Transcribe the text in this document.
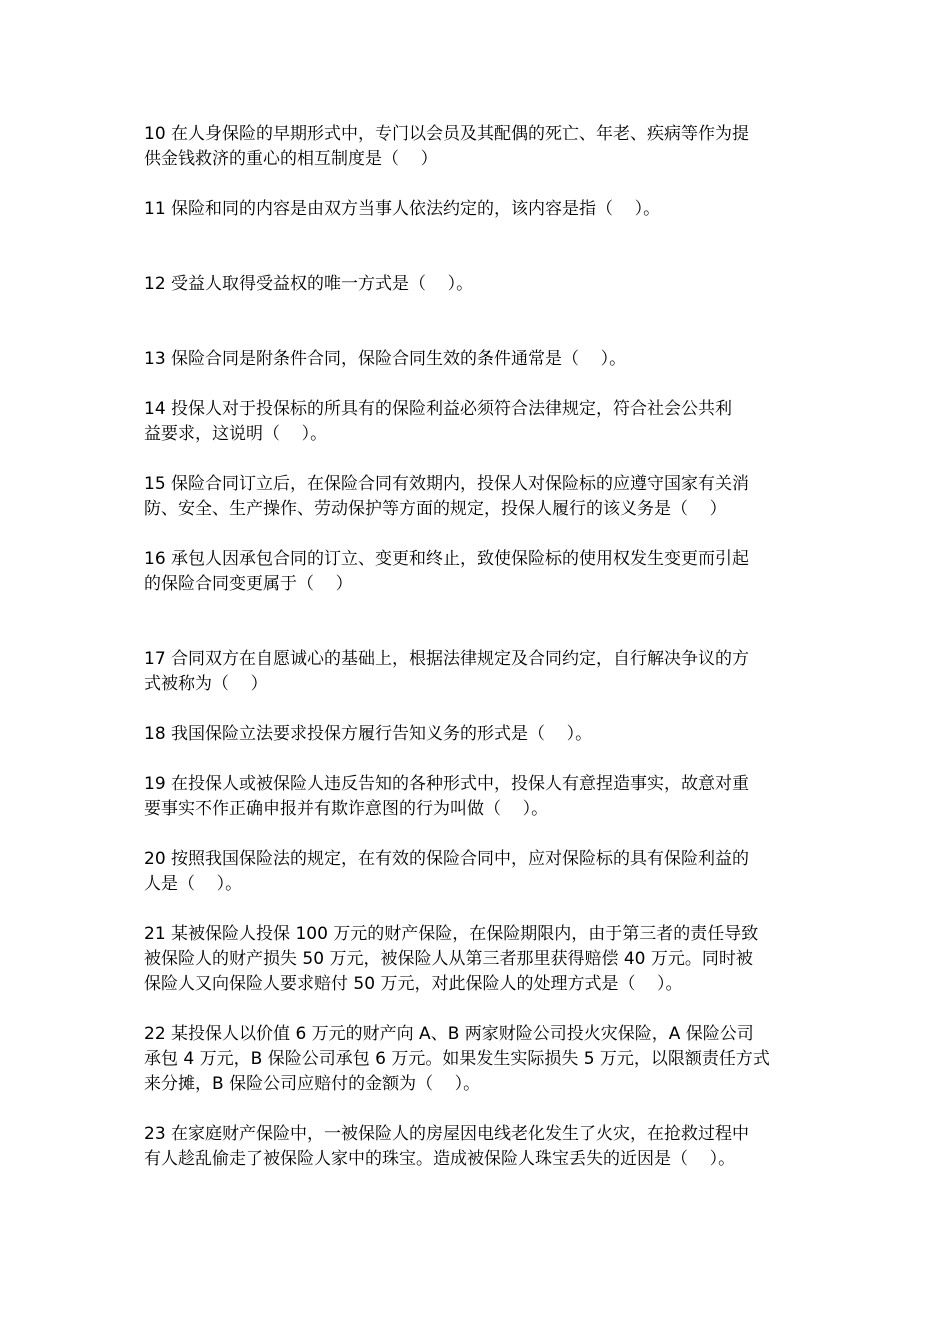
10 在人身保险的早期形式中，专门以会员及其配偶的死亡、年老、疾病等作为提
供金钱救济的重心的相互制度是（    ）

11 保险和同的内容是由双方当事人依法约定的，该内容是指（    ）。

12 受益人取得受益权的唯一方式是（    ）。

13 保险合同是附条件合同，保险合同生效的条件通常是（    ）。

14 投保人对于投保标的所具有的保险利益必须符合法律规定，符合社会公共利
益要求，这说明（    ）。

15 保险合同订立后，在保险合同有效期内，投保人对保险标的应遵守国家有关消
防、安全、生产操作、劳动保护等方面的规定，投保人履行的该义务是（    ）

16 承包人因承包合同的订立、变更和终止，致使保险标的使用权发生变更而引起
的保险合同变更属于（    ）

17 合同双方在自愿诚心的基础上，根据法律规定及合同约定，自行解决争议的方
式被称为（    ）

18 我国保险立法要求投保方履行告知义务的形式是（    ）。

19 在投保人或被保险人违反告知的各种形式中，投保人有意捏造事实，故意对重
要事实不作正确申报并有欺诈意图的行为叫做（    ）。

20 按照我国保险法的规定，在有效的保险合同中，应对保险标的具有保险利益的
人是（    ）。

21 某被保险人投保 100 万元的财产保险，在保险期限内，由于第三者的责任导致
被保险人的财产损失 50 万元，被保险人从第三者那里获得赔偿 40 万元。同时被
保险人又向保险人要求赔付 50 万元，对此保险人的处理方式是（    ）。

22 某投保人以价值 6 万元的财产向 A、B 两家财险公司投火灾保险，A 保险公司
承包 4 万元，B 保险公司承包 6 万元。如果发生实际损失 5 万元，以限额责任方式
来分摊，B 保险公司应赔付的金额为（    ）。

23 在家庭财产保险中，一被保险人的房屋因电线老化发生了火灾，在抢救过程中
有人趁乱偷走了被保险人家中的珠宝。造成被保险人珠宝丢失的近因是（    ）。
